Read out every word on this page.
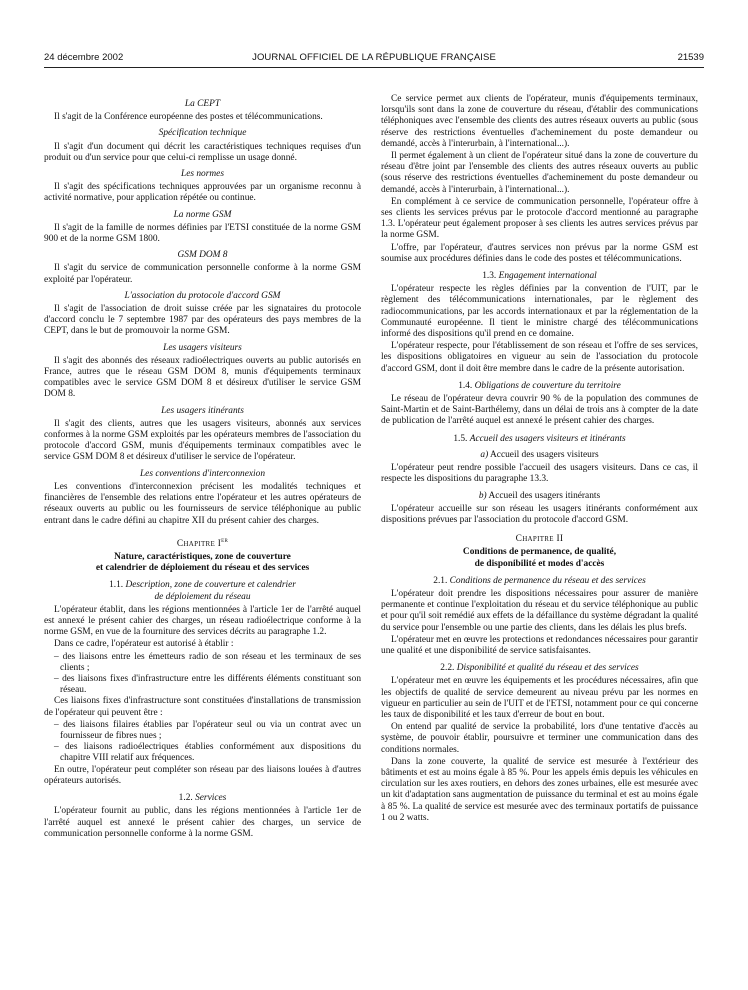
24 décembre 2002	JOURNAL OFFICIEL DE LA RÉPUBLIQUE FRANÇAISE	21539
La CEPT

Il s'agit de la Conférence européenne des postes et télécommunications.

Spécification technique

Il s'agit d'un document qui décrit les caractéristiques techniques requises d'un produit ou d'un service pour que celui-ci remplisse un usage donné.

Les normes

Il s'agit des spécifications techniques approuvées par un organisme reconnu à activité normative, pour application répétée ou continue.

La norme GSM

Il s'agit de la famille de normes définies par l'ETSI constituée de la norme GSM 900 et de la norme GSM 1800.

GSM DOM 8

Il s'agit du service de communication personnelle conforme à la norme GSM exploité par l'opérateur.

L'association du protocole d'accord GSM

Il s'agit de l'association de droit suisse créée par les signataires du protocole d'accord conclu le 7 septembre 1987 par des opérateurs des pays membres de la CEPT, dans le but de promouvoir la norme GSM.

Les usagers visiteurs

Il s'agit des abonnés des réseaux radioélectriques ouverts au public autorisés en France, autres que le réseau GSM DOM 8, munis d'équipements terminaux compatibles avec le service GSM DOM 8 et désireux d'utiliser le service GSM DOM 8.

Les usagers itinérants

Il s'agit des clients, autres que les usagers visiteurs, abonnés aux services conformes à la norme GSM exploités par les opérateurs membres de l'association du protocole d'accord GSM, munis d'équipements terminaux compatibles avec le service GSM DOM 8 et désireux d'utiliser le service de l'opérateur.

Les conventions d'interconnexion

Les conventions d'interconnexion précisent les modalités techniques et financières de l'ensemble des relations entre l'opérateur et les autres opérateurs de réseaux ouverts au public ou les fournisseurs de service téléphonique au public entrant dans le cadre défini au chapitre XII du présent cahier des charges.

Chapitre Ier
Nature, caractéristiques, zone de couverture
et calendrier de déploiement du réseau et des services
1.1. Description, zone de couverture et calendrier
de déploiement du réseau

L'opérateur établit, dans les régions mentionnées à l'article 1er de l'arrêté auquel est annexé le présent cahier des charges, un réseau radioélectrique conforme à la norme GSM, en vue de la fourniture des services décrits au paragraphe 1.2.

Dans ce cadre, l'opérateur est autorisé à établir :

– des liaisons entre les émetteurs radio de son réseau et les terminaux de ses clients ;
– des liaisons fixes d'infrastructure entre les différents éléments constituant son réseau.

Ces liaisons fixes d'infrastructure sont constituées d'installations de transmission de l'opérateur qui peuvent être :

– des liaisons filaires établies par l'opérateur seul ou via un contrat avec un fournisseur de fibres nues ;
– des liaisons radioélectriques établies conformément aux dispositions du chapitre VIII relatif aux fréquences.

En outre, l'opérateur peut compléter son réseau par des liaisons louées à d'autres opérateurs autorisés.

1.2. Services

L'opérateur fournit au public, dans les régions mentionnées à l'article 1er de l'arrêté auquel est annexé le présent cahier des charges, un service de communication personnelle conforme à la norme GSM.

Ce service permet aux clients de l'opérateur, munis d'équipements terminaux, lorsqu'ils sont dans la zone de couverture du réseau, d'établir des communications téléphoniques avec l'ensemble des clients des autres réseaux ouverts au public (sous réserve des restrictions éventuelles d'acheminement du poste demandeur ou demandé, accès à l'interurbain, à l'international...).

Il permet également à un client de l'opérateur situé dans la zone de couverture du réseau d'être joint par l'ensemble des clients des autres réseaux ouverts au public (sous réserve des restrictions éventuelles d'acheminement du poste demandeur ou demandé, accès à l'interurbain, à l'international...).

En complément à ce service de communication personnelle, l'opérateur offre à ses clients les services prévus par le protocole d'accord mentionné au paragraphe 1.3. L'opérateur peut également proposer à ses clients les autres services prévus par la norme GSM.

L'offre, par l'opérateur, d'autres services non prévus par la norme GSM est soumise aux procédures définies dans le code des postes et télécommunications.

1.3. Engagement international

L'opérateur respecte les règles définies par la convention de l'UIT, par le règlement des télécommunications internationales, par le règlement des radiocommunications, par les accords internationaux et par la réglementation de la Communauté européenne. Il tient le ministre chargé des télécommunications informé des dispositions qu'il prend en ce domaine.

L'opérateur respecte, pour l'établissement de son réseau et l'offre de ses services, les dispositions obligatoires en vigueur au sein de l'association du protocole d'accord GSM, dont il doit être membre dans le cadre de la présente autorisation.

1.4. Obligations de couverture du territoire

Le réseau de l'opérateur devra couvrir 90 % de la population des communes de Saint-Martin et de Saint-Barthélemy, dans un délai de trois ans à compter de la date de publication de l'arrêté auquel est annexé le présent cahier des charges.

1.5. Accueil des usagers visiteurs et itinérants
a) Accueil des usagers visiteurs

L'opérateur peut rendre possible l'accueil des usagers visiteurs. Dans ce cas, il respecte les dispositions du paragraphe 13.3.

b) Accueil des usagers itinérants

L'opérateur accueille sur son réseau les usagers itinérants conformément aux dispositions prévues par l'association du protocole d'accord GSM.

Chapitre II
Conditions de permanence, de qualité,
de disponibilité et modes d'accès
2.1. Conditions de permanence du réseau et des services

L'opérateur doit prendre les dispositions nécessaires pour assurer de manière permanente et continue l'exploitation du réseau et du service téléphonique au public et pour qu'il soit remédié aux effets de la défaillance du système dégradant la qualité du service pour l'ensemble ou une partie des clients, dans les délais les plus brefs.

L'opérateur met en œuvre les protections et redondances nécessaires pour garantir une qualité et une disponibilité de service satisfaisantes.

2.2. Disponibilité et qualité du réseau et des services

L'opérateur met en œuvre les équipements et les procédures nécessaires, afin que les objectifs de qualité de service demeurent au niveau prévu par les normes en vigueur en particulier au sein de l'UIT et de l'ETSI, notamment pour ce qui concerne les taux de disponibilité et les taux d'erreur de bout en bout.

On entend par qualité de service la probabilité, lors d'une tentative d'accès au système, de pouvoir établir, poursuivre et terminer une communication dans des conditions normales.

Dans la zone couverte, la qualité de service est mesurée à l'extérieur des bâtiments et est au moins égale à 85 %. Pour les appels émis depuis les véhicules en circulation sur les axes routiers, en dehors des zones urbaines, elle est mesurée avec un kit d'adaptation sans augmentation de puissance du terminal et est au moins égale à 85 %. La qualité de service est mesurée avec des terminaux portatifs de puissance 1 ou 2 watts.
